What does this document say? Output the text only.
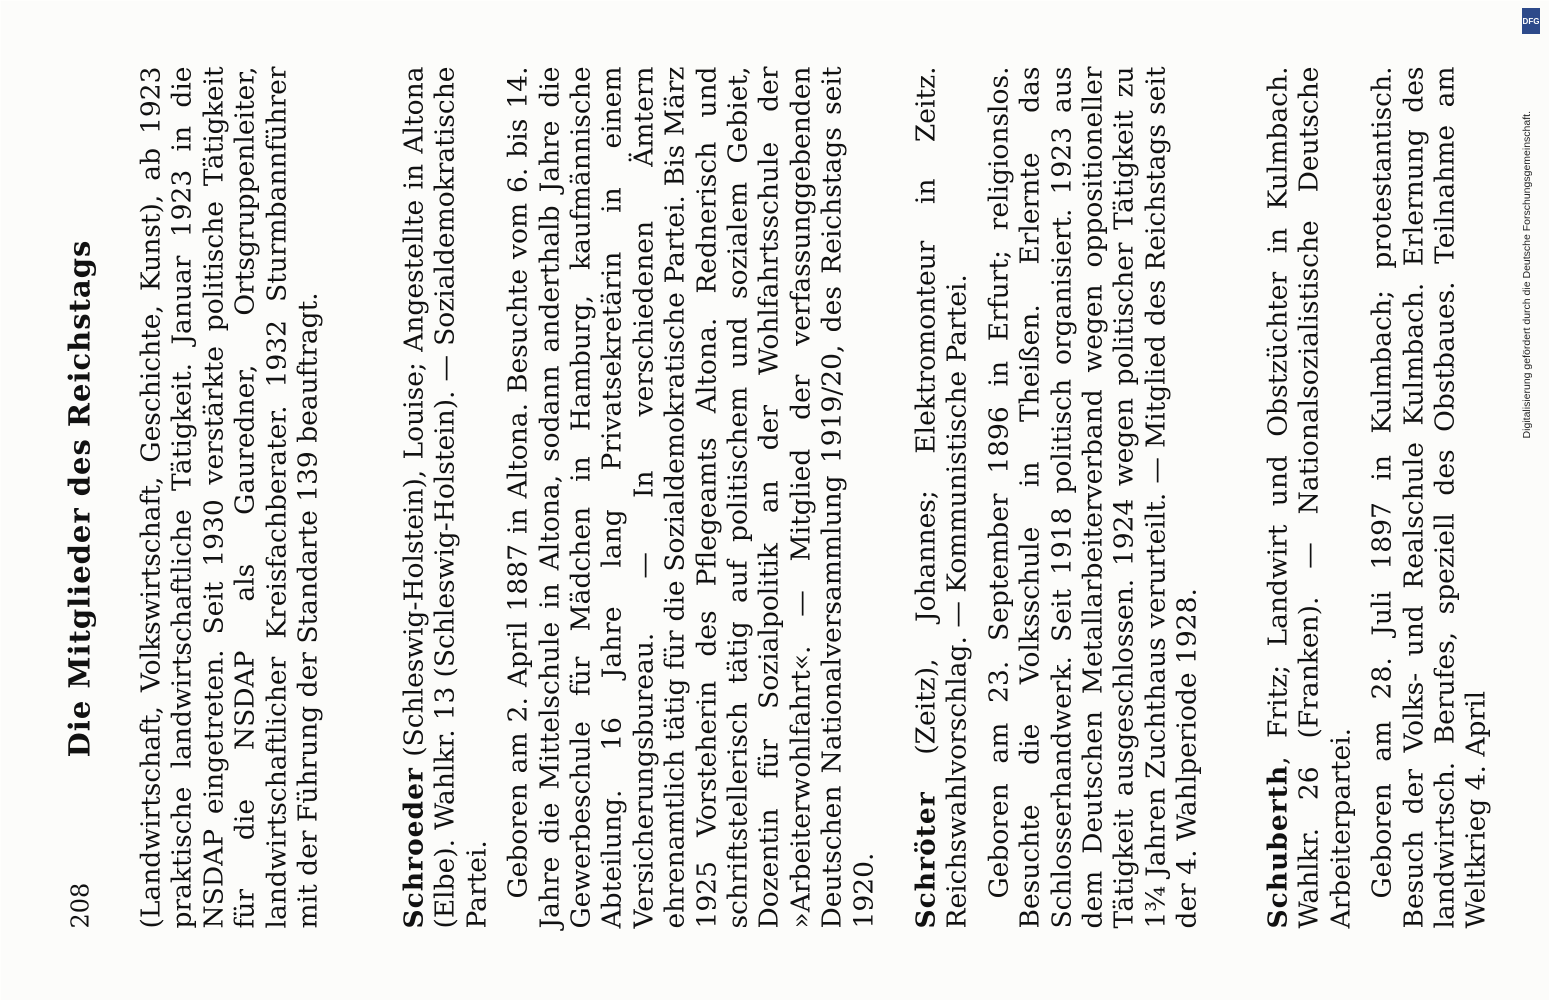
208
Die Mitglieder des Reichstags (Landwirtschaft, Volkswirtschaft, Geschichte, Kunst), ab 1923 praktische landwirtschaftliche Tätigkeit. Januar 1923 in die NSDAP eingetreten. Seit 1930 verstärkte politische Tätigkeit für die NSDAP als Gauredner, Ortsgruppenleiter, landwirtschaftlicher Kreisfachberater. 1932 Sturmbannführer mit der Führung der Standarte 139 beauftragt.	Schroeder (Schleswig-Holstein), Louise; Angestellte in Altona (Elbe). Wahlkr. 13 (Schleswig-Holstein). — Sozialdemokratische Partei. Geboren am 2. April 1887 in Altona. Besuchte vom 6. bis 14. Jahre die Mittelschule in Altona, sodann anderthalb Jahre die Gewerbeschule für Mädchen in Hamburg, kaufmännische Abteilung. 16 Jahre lang Privatsekretärin in einem Versicherungsbureau. — In verschiedenen Ämtern ehrenamtlich tätig für die Sozialdemokratische Partei. Bis März 1925 Vorsteherin des Pflegeamts Altona. Rednerisch und schriftstellerisch tätig auf politischem und sozialem Gebiet, Dozentin für Sozialpolitik an der Wohlfahrtsschule der »Arbeiterwohlfahrt«. — Mitglied der verfassunggebenden Deutschen Nationalversammlung 1919/20, des Reichstags seit 1920. Schröter (Zeitz), Johannes; Elektromonteur in Zeitz. Reichswahlvorschlag. — Kommunistische Partei. Geboren am 23. September 1896 in Erfurt; religionslos. Besuchte die Volksschule in Theißen. Erlernte das Schlosserhandwerk. Seit 1918 politisch organisiert. 1923 aus dem Deutschen Metallarbeiterverband wegen oppositioneller Tätigkeit ausgeschlossen. 1924 wegen politischer Tätigkeit zu 1¾ Jahren Zuchthaus verurteilt. — Mitglied des Reichstags seit der 4. Wahlperiode 1928. Schuberth, Fritz; Landwirt und Obstzüchter in Kulmbach. Wahlkr. 26 (Franken). — Nationalsozialistische Deutsche Arbeiterpartei. Geboren am 28. Juli 1897 in Kulmbach; protestantisch. Besuch der Volks- und Realschule Kulmbach. Erlernung des landwirtsch. Berufes, speziell des Obstbaues. Teilnahme am Weltkrieg 4. April

DFG
Digitalisierung gefördert durch die Deutsche Forschungsgemeinschaft.
